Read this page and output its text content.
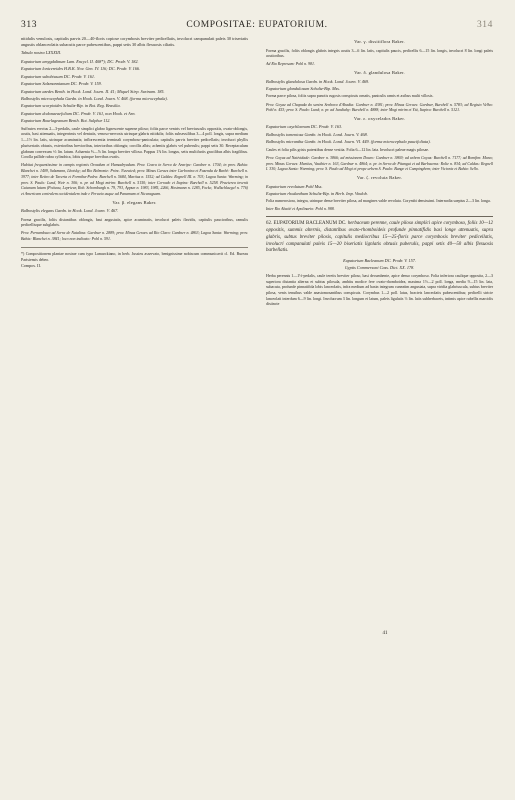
313	COMPOSITAE: EUPATORIUM.	314

nitidulis venulosis, capitulis parvis 20—40-floris copiose corymbosis breviter pedicellatis, involucri campanulati paleis 30 triseriatis angustis oblanceolatis subacutis parce pubescentibus, pappi setis 30 albis flexuosis ciliatis.

Tabula nostra LXXXIII.

Eupatorium amygdalinum Lam. Encycl. II. 408*); DC. Prodr. V. 182.

Eupatorium lonicereides H.B.K. Nov. Gen. IV. 116; DC. Prodr. V. 166.

Eupatorium subobtusum DC. Prodr. V. 161.

Eupatorium Salzmannianum DC. Prodr. V. 159.

Eupatorium azedes Benth. in Hook. Lond. Journ. II. 41; Miquel Stirp. Surinam. 185.

Bulbostylis microcephala Gardn. in Hook. Lond. Journ. V. 468. (forma microcephala).

Eupatorium scorpioides Schultz-Bip. in Bot. Reg. Brasilia.

Eupatorium dodonaeaefolium DC. Prodr. V. 161, non Hook. et Arn.

Eupatorium Bourlageanum Benth. Bot. Sulphur 112.

Suffrutex erectus 2—3-pedalis, caule simplici glabro lignescente superne piloso; foliis parce ventris vel breviusculis oppositis, ovato-oblongis, acutis, basi attenuatis, integerrimis vel dentatis, venoso-nervosis utrinque glabris nitidulis; foliis subsessilibus 3—4 poll. longis, supra medium 1—1½ lin. latis, utrinque acuminatis; inflorescentia terminali corymboso-paniculata; capitulis parvis breviter pedicellatis; involucri phyllis pluriseriatis obtusis, exterioribus brevioribus, interioribus oblongis; corollis albis; acheniis glabris vel puberulis; pappi setis 30. Receptaculum glabrum convexum ⅙ lin. latum. Achaenia ⅔—⅞ lin. longa breviter villosa. Pappus 1⅞ lin. longus, setis multifariis gracilibus albis fragilibus. Corolla pallide rubra cylindrica, lobis quinque brevibus ovatis.

Habitat frequentissime in campis regionis Oreadum et Hamadryadum. Prov. Ceara in Serra de Araripe: Gardner n. 1704; in prov. Bahia: Blanchet n. 1409, Salzmann, Lhotsky; ad Rio Belmonte: Princ. Neuwied; prov. Minas Geraes inter Carbonira et Fazenda de Barbè: Burchell n. 3977; inter Retiro de Taverta et Formiha-Pedra: Burchell n. 5684, Martius n. 1552; ad Caldas: Regnell III. n. 703; Lagoa Santa: Warming; in prov. S. Paulo: Lund, Weir n. 306; n. pr. ad Mogi mirim: Burchell n. 5150; inter Cerrado et Itapira: Burchell n. 5258. Praeterea invenit Guianam latam (Poiteau, Leprieur, Rob. Schomburgk n. 79, 793, Appun n. 1983, 1985, 2266, Hostmann n. 1285, Focke, Wullschlaegel n. 776) et Americam centralem occidentalem inde e Peruvia usque ad Panamam et Nicaraguam.

Var. β. elegans Baker.

Bulbostylis elegans Gardn. in Hook. Lond. Journ. V. 467.

Forma gracilis, foliis distantibus oblongis, basi angustatis, apice acuminatis, involucri paleis flavidis, capitulis paucioribus, ramulis pedicellisque subglabris.

Prov. Pernambuco ad Serra de Natalina: Gardner n. 2889; prov. Minas Geraes ad Rio Claro: Gardner n. 4863; Lagoa Santa: Warming; prov. Bahia: Blanchet n. 3841; loco non indicato: Pohl n. 591.

*) Compositionem plantae nostrae cum typo Lamarckiano, in herb. Jussieu asservato, benignissime nobiscum communicavit cl. Ed. Bureau Parisiensis debeo.
Compos. II.
Var. γ. dissitiflora Baker.

Forma gracilis, foliis oblongis glabris integris acutis 3—6 lin. latis, capitulis paucis, pedicellis 6—15 lin. longis, involucri 8 lin. longi paleis acutioribus.

Ad Rio Represam: Pohl n. 981.

Var. δ. glandulosa Baker.

Bulbostylis glandulosa Gardn. in Hook. Lond. Journ. V. 469.

Eupatorium glandulosum Schultz-Bip. Mss.

Forma parce pilosa, foliis supra punctis rugosis conspicuis ornatis, paniculis ramis et axibus multi villosis.

Prov. Goyaz ad Chapada do sentra Senhora d'Abadia: Gardner n. 4381; prov. Minas Geraes: Gardner, Burchell n. 5783; ad Registo Velho: Pohl n. 453; prov. S. Paulo: Lund; n. pr. ad Jundiahy: Burchell n. 4888; inter Mogi mirim et Ytú, Itapira: Burchell n. 5121.

Var. ε. oxycelados Baker.

Eupatorium oxychlaenum DC. Prodr. V. 163.

Bulbostylis tomentosa Gardn. in Hook. Lond. Journ. V. 468.

Bulbostylis micrantha Gardn. in Hook. Lond. Journ. VI. 449. (forma microcephala paucifoliata).

Caules et folia pilis grisis patentibus dense vestita. Folia 6—12 lin. lata. Involucri paleae magis pilosae.

Prov. Goyaz ad Natividade: Gardner n. 3866; ad missionem Douro: Gardner n. 3869; ad urbem Goyaz: Burchell n. 7177; ad Bomfim: Mano; prov. Minas Geraes: Martius, Vauthier n. 163, Gardner n. 4864; n. pr. in Serra de Pitangui et ad Barbacena: Rolte n. 834; ad Caldas: Regnell I. 330; Lagoa Santa: Warming; prov. S. Paulo ad Mogi et prope urbem S. Paulo: Bunge et Campinghem; inter Victoria et Bahia: Sello.

Var. ζ. revoluta Baker.

Eupatorium revolutum Pohl Mss.

Eupatorium rhodanthum Schultz-Bip. in Herb. Imp. Vindob.

Folia numerosiora, integra, utrinque dense breviter pilosa, ad margines valde revoluta. Corymbi densissimi. Internodia saepius 2—3 lin. longa.

Inter Rio Abaité et Apolinario: Pohl n. 988.

62. EUPATORIUM BACLEANUM DC. herbaceum perenne, caule piloso simplici apice corymboso, foliis 10—12 oppositis, summis alternis, distantibus ovato-rhomboideis profunde pinnatifidis basi longe attenuatis, supra glabris, subtus breviter pilosis, capitulis mediocribus 15—25-floris parce corymbosis breviter pedicellatis, involucri campanulati paleis 15—20 biseriatis lignlatis obtusis puberulis, pappi setis 40—50 albis flexuosis barbellatis.

Eupatorium Bacleanum DC. Prodr. V. 157.

Gyptis Commersoni Cass. Dict. XX. 178.

Herba perennis 1—1½-pedalis, caule teretis breviter piloso, basi decumbente, apice denso corymboso. Folia inferiora caulique opposita, 2—3 superiora distantia alterna et subtus pilosula, ambitu modice fere ovato-rhomboidea, maxima 1½—2 poll. longa, media 9—15 lin. lata, subacuta, profunde pinnatifida lobis lanceolatis, infra medium ad basin integrum cuneatim angustata, supra viridia glabriuscula, subtus breviter pilosa, venis tenuibus valde anastomosantibus conspicuis. Corymbus 1—2 poll. latus, bracteis lanceolatis pubescentibus; pedicelli stricte lanceolati interdum 6—9 lin. longi. Involucrum 3 lin. longum et latum, paleis ligulatis ⅓ lin. latis subherbaceis, intimis apice rubellis marcidis distincte

41
